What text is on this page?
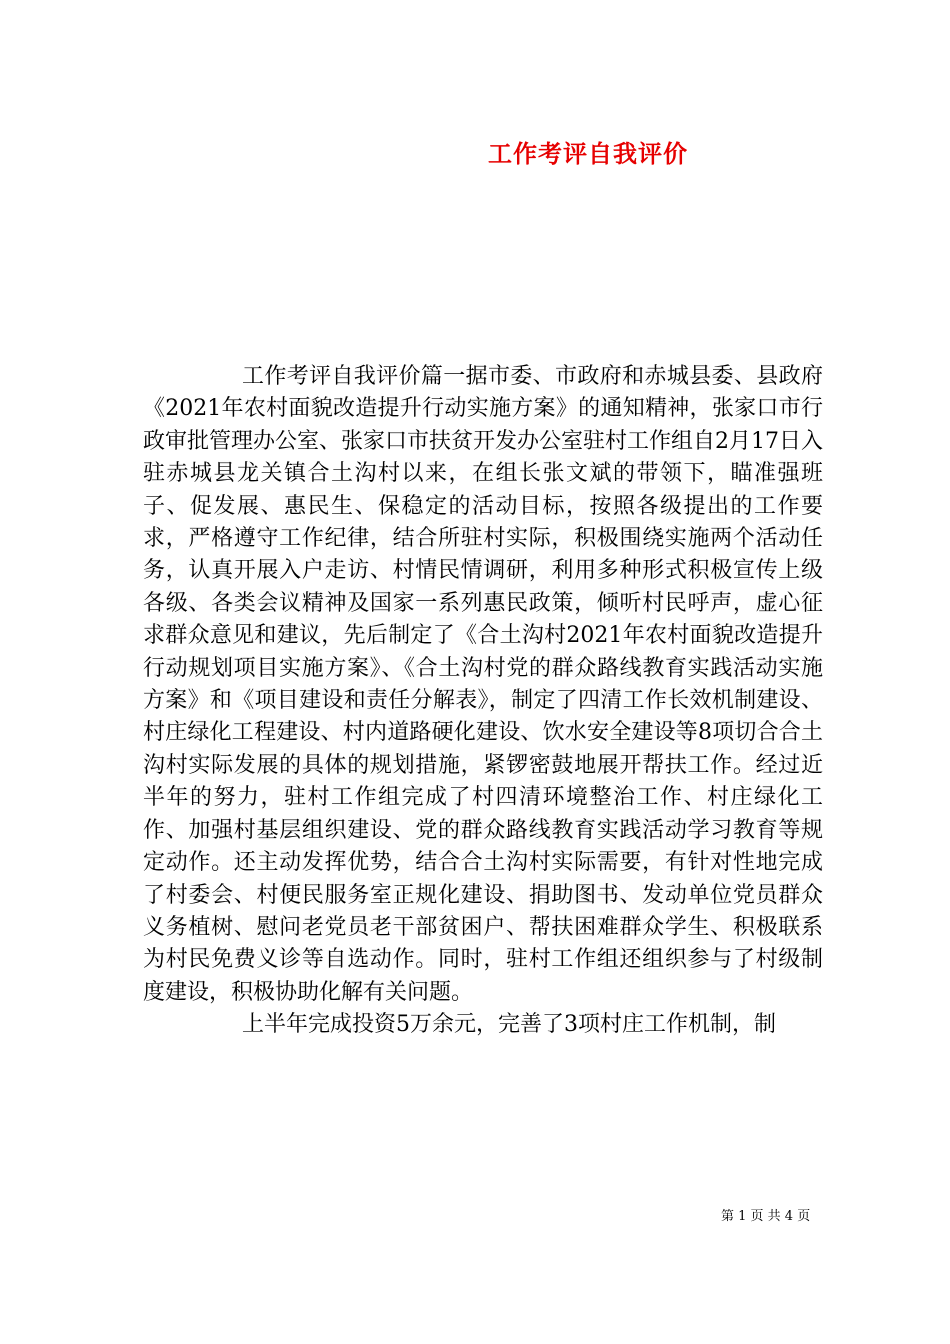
工作考评自我评价

工作考评自我评价篇一据市委、市政府和赤城县委、县政府《2021年农村面貌改造提升行动实施方案》的通知精神，张家口市行政审批管理办公室、张家口市扶贫开发办公室驻村工作组自2月17日入驻赤城县龙关镇合土沟村以来，在组长张文斌的带领下，瞄准强班子、促发展、惠民生、保稳定的活动目标，按照各级提出的工作要求，严格遵守工作纪律，结合所驻村实际，积极围绕实施两个活动任务，认真开展入户走访、村情民情调研，利用多种形式积极宣传上级各级、各类会议精神及国家一系列惠民政策，倾听村民呼声，虚心征求群众意见和建议，先后制定了《合土沟村2021年农村面貌改造提升行动规划项目实施方案》、《合土沟村党的群众路线教育实践活动实施方案》和《项目建设和责任分解表》，制定了四清工作长效机制建设、村庄绿化工程建设、村内道路硬化建设、饮水安全建设等8项切合合土沟村实际发展的具体的规划措施，紧锣密鼓地展开帮扶工作。经过近半年的努力，驻村工作组完成了村四清环境整治工作、村庄绿化工作、加强村基层组织建设、党的群众路线教育实践活动学习教育等规定动作。还主动发挥优势，结合合土沟村实际需要，有针对性地完成了村委会、村便民服务室正规化建设、捐助图书、发动单位党员群众义务植树、慰问老党员老干部贫困户、帮扶困难群众学生、积极联系为村民免费义诊等自选动作。同时，驻村工作组还组织参与了村级制度建设，积极协助化解有关问题。

上半年完成投资5万余元，完善了3项村庄工作机制，制

第 1 页 共 4 页
